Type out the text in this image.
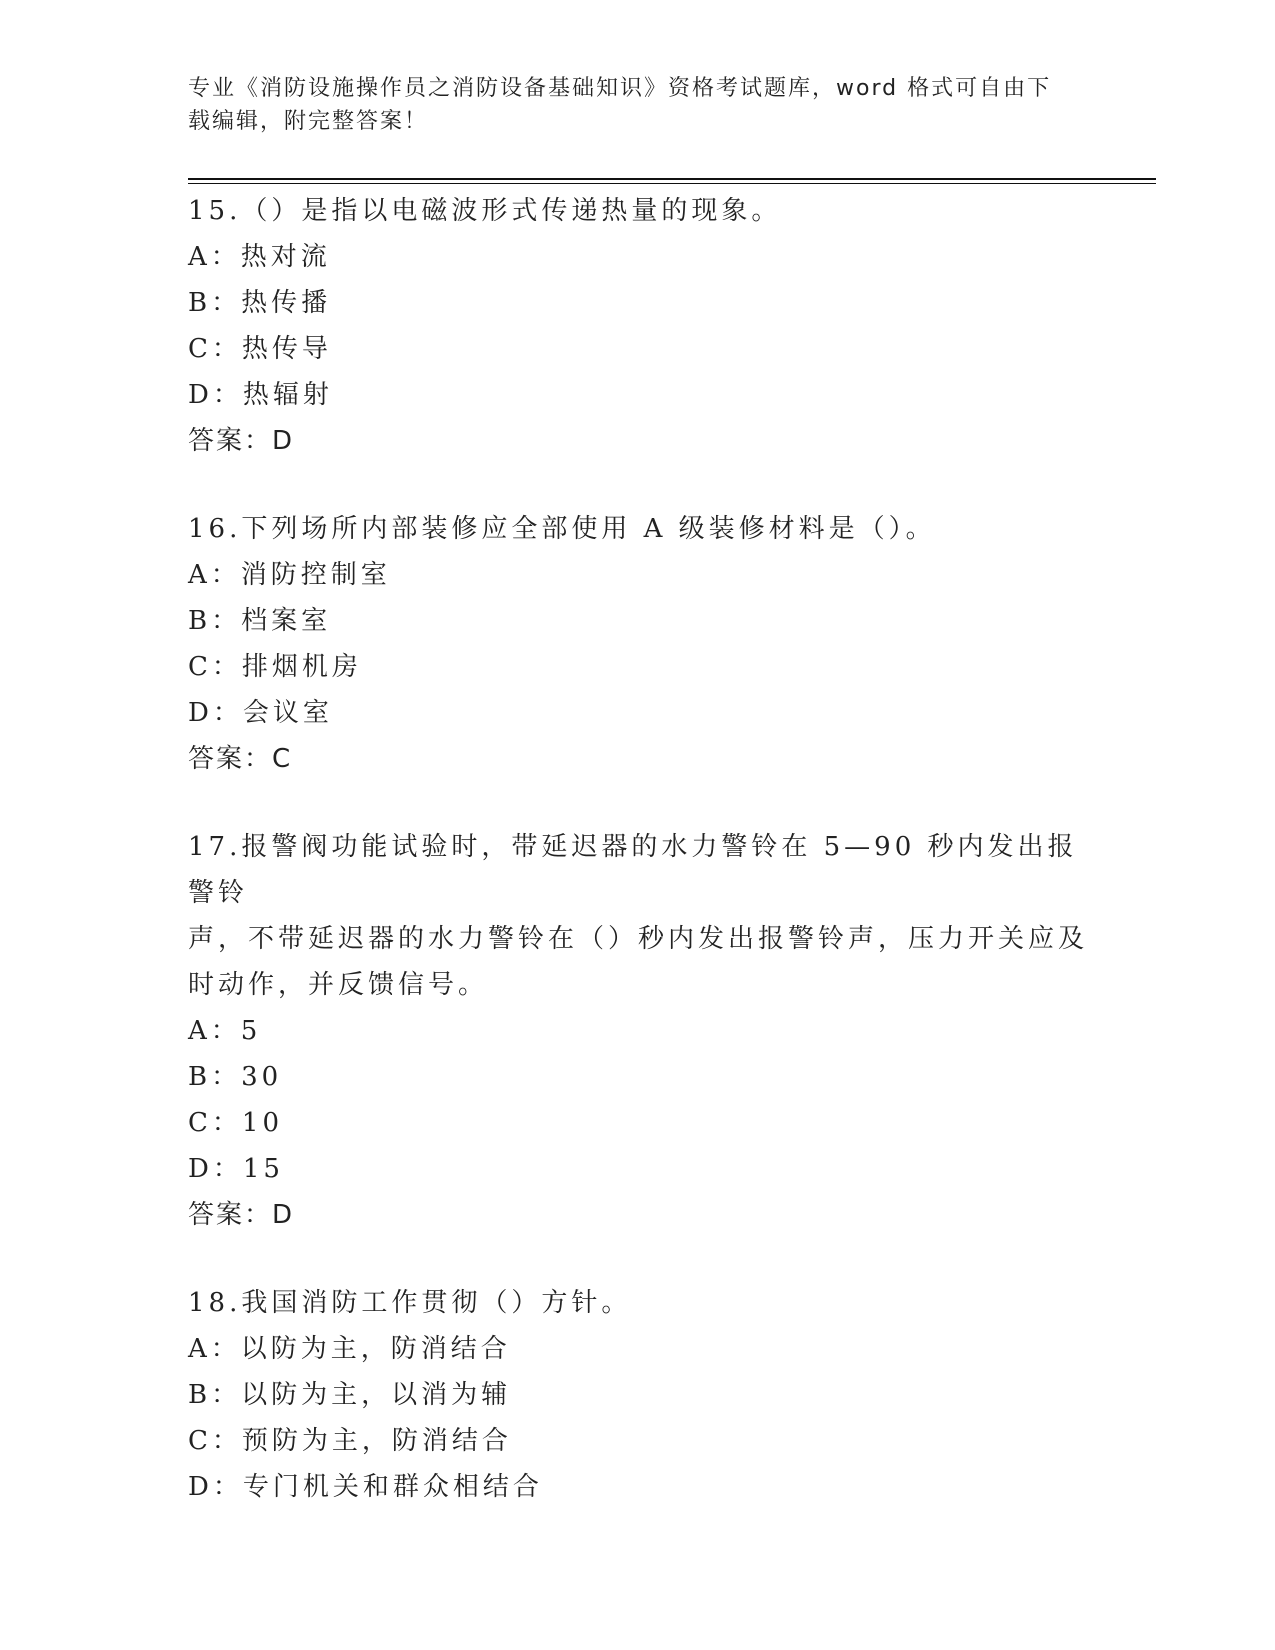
专业《消防设施操作员之消防设备基础知识》资格考试题库，word 格式可自由下
载编辑，附完整答案！

15.（）是指以电磁波形式传递热量的现象。

A：热对流

B：热传播

C：热传导

D：热辐射

答案：D

16.下列场所内部装修应全部使用 A 级装修材料是（）。

A：消防控制室

B：档案室

C：排烟机房

D：会议室

答案：C

17.报警阀功能试验时，带延迟器的水力警铃在 5—90 秒内发出报警铃

声，不带延迟器的水力警铃在（）秒内发出报警铃声，压力开关应及

时动作，并反馈信号。

A：5

B：30

C：10

D：15

答案：D

18.我国消防工作贯彻（）方针。

A：以防为主，防消结合

B：以防为主，以消为辅

C：预防为主，防消结合

D：专门机关和群众相结合
